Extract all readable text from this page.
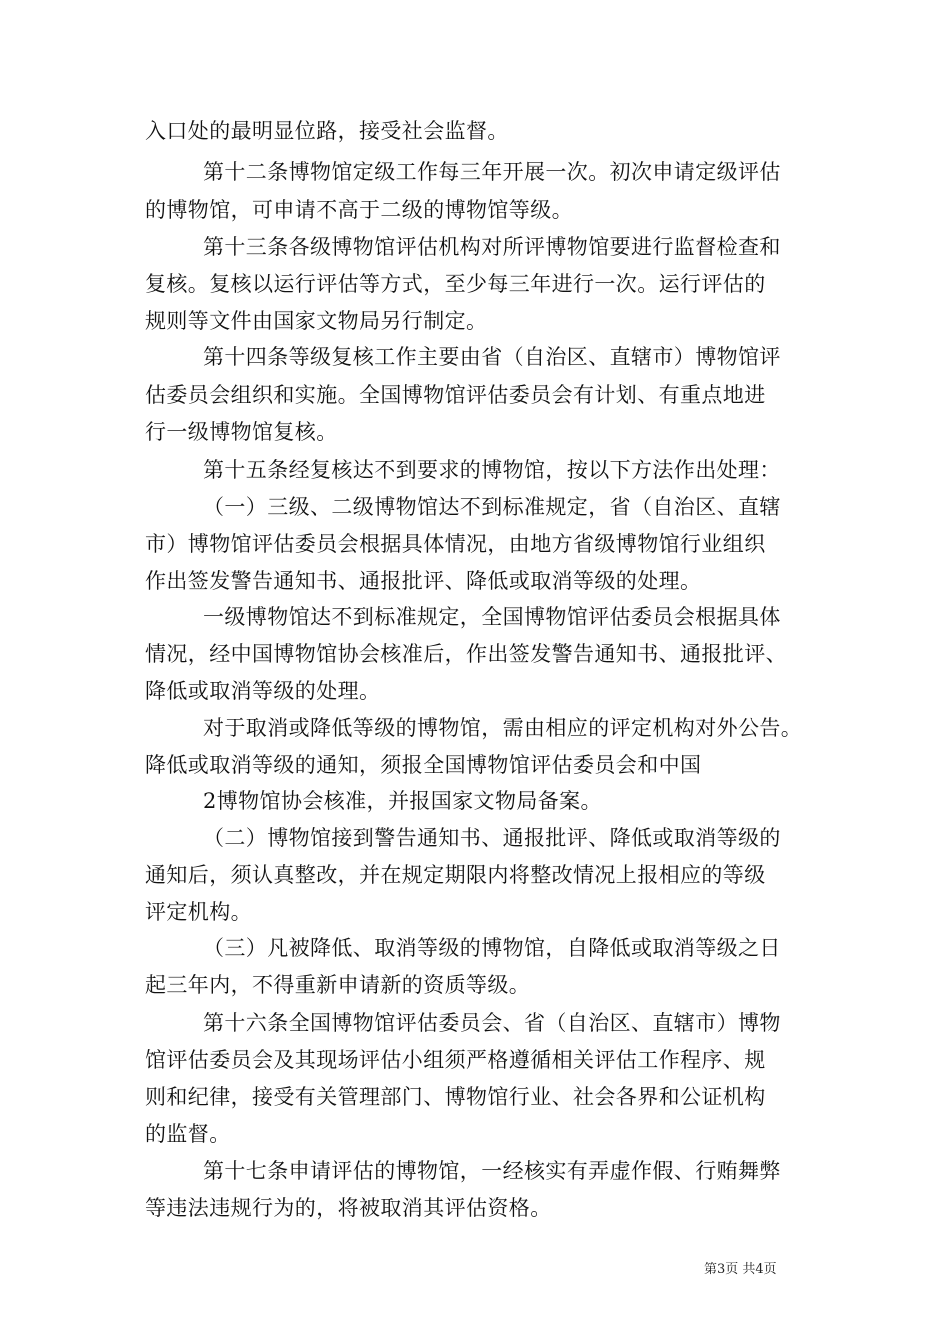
入口处的最明显位路，接受社会监督。
第十二条博物馆定级工作每三年开展一次。初次申请定级评估
的博物馆，可申请不高于二级的博物馆等级。
第十三条各级博物馆评估机构对所评博物馆要进行监督检查和
复核。复核以运行评估等方式，至少每三年进行一次。运行评估的
规则等文件由国家文物局另行制定。
第十四条等级复核工作主要由省（自治区、直辖市）博物馆评
估委员会组织和实施。全国博物馆评估委员会有计划、有重点地进
行一级博物馆复核。
第十五条经复核达不到要求的博物馆，按以下方法作出处理：
（一）三级、二级博物馆达不到标准规定，省（自治区、直辖
市）博物馆评估委员会根据具体情况，由地方省级博物馆行业组织
作出签发警告通知书、通报批评、降低或取消等级的处理。
一级博物馆达不到标准规定，全国博物馆评估委员会根据具体
情况，经中国博物馆协会核准后，作出签发警告通知书、通报批评、
降低或取消等级的处理。
对于取消或降低等级的博物馆，需由相应的评定机构对外公告。
降低或取消等级的通知，须报全国博物馆评估委员会和中国
2博物馆协会核准，并报国家文物局备案。
（二）博物馆接到警告通知书、通报批评、降低或取消等级的
通知后，须认真整改，并在规定期限内将整改情况上报相应的等级
评定机构。
（三）凡被降低、取消等级的博物馆，自降低或取消等级之日
起三年内，不得重新申请新的资质等级。
第十六条全国博物馆评估委员会、省（自治区、直辖市）博物
馆评估委员会及其现场评估小组须严格遵循相关评估工作程序、规
则和纪律，接受有关管理部门、博物馆行业、社会各界和公证机构
的监督。
第十七条申请评估的博物馆，一经核实有弄虚作假、行贿舞弊
等违法违规行为的，将被取消其评估资格。
第3页 共4页
